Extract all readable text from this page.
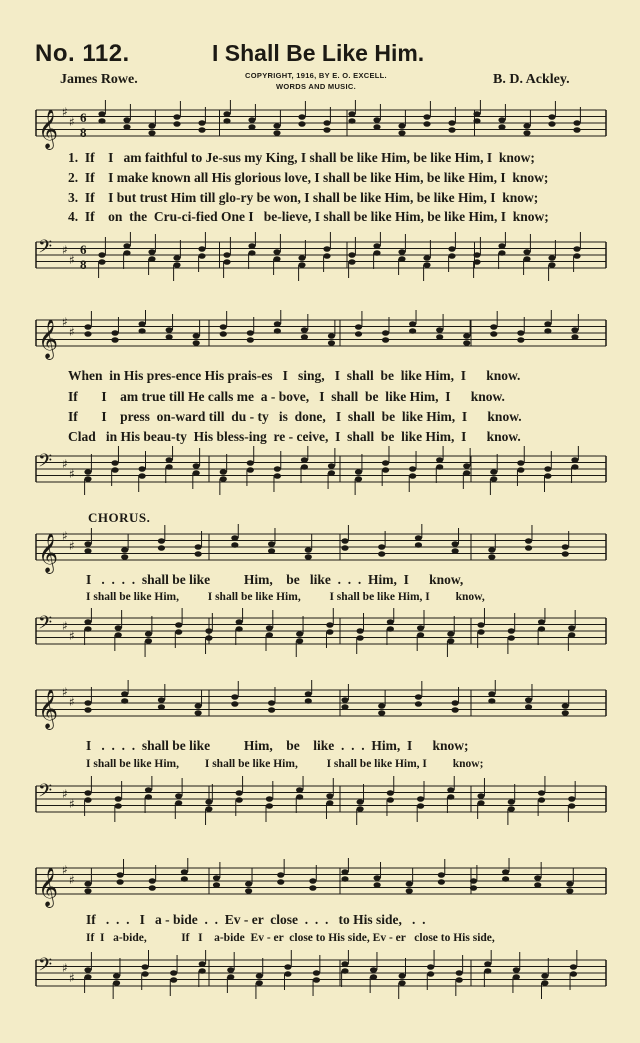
No. 112.	I Shall Be Like Him.
James Rowe.	COPYRIGHT, 1916, BY E. O. EXCELL.
WORDS AND MUSIC.	B. D. Ackley.
𝄞 ♯
♯ 6
8
1.  If    I   am faithful to Je-sus my King, I shall be like Him, be like Him, I  know;
2.  If    I make known all His glorious love, I shall be like Him, be like Him, I  know;
3.  If    I but trust Him till glo-ry be won, I shall be like Him, be like Him, I  know;
4.  If    on  the  Cru-ci-fied One I   be-lieve, I shall be like Him, be like Him, I  know;
𝄢 ♯
♯
6
8
𝄞 ♯
♯
When  in His pres-ence His prais-es   I   sing,   I  shall  be  like Him,  I      know.
If       I    am true till He calls me  a - bove,   I  shall  be  like Him,  I      know.
If       I    press  on-ward till  du - ty   is  done,   I  shall  be  like Him,  I      know.
Clad   in His beau-ty  His bless-ing  re - ceive,  I  shall  be  like Him,  I      know.
𝄢 ♯
♯
CHORUS.
𝄞 ♯
♯
I   .  .  .  .  shall be like          Him,    be   like  .  .  .  Him,  I      know,
I shall be like Him,          I shall be like Him,          I shall be like Him, I         know,
𝄢 ♯
♯
𝄞 ♯
♯
I   .  .  .  .  shall be like          Him,    be    like  .  .  .  Him,  I      know;
I shall be like Him,         I shall be like Him,          I shall be like Him, I         know;
𝄢 ♯
♯
𝄞 ♯
♯
If   .  .  .   I   a - bide  .  .  Ev - er  close  .  .  .   to His side,   .  .
If  I   a-bide,            If   I    a-bide  Ev - er  close to His side, Ev - er   close to His side,
𝄢 ♯
♯
